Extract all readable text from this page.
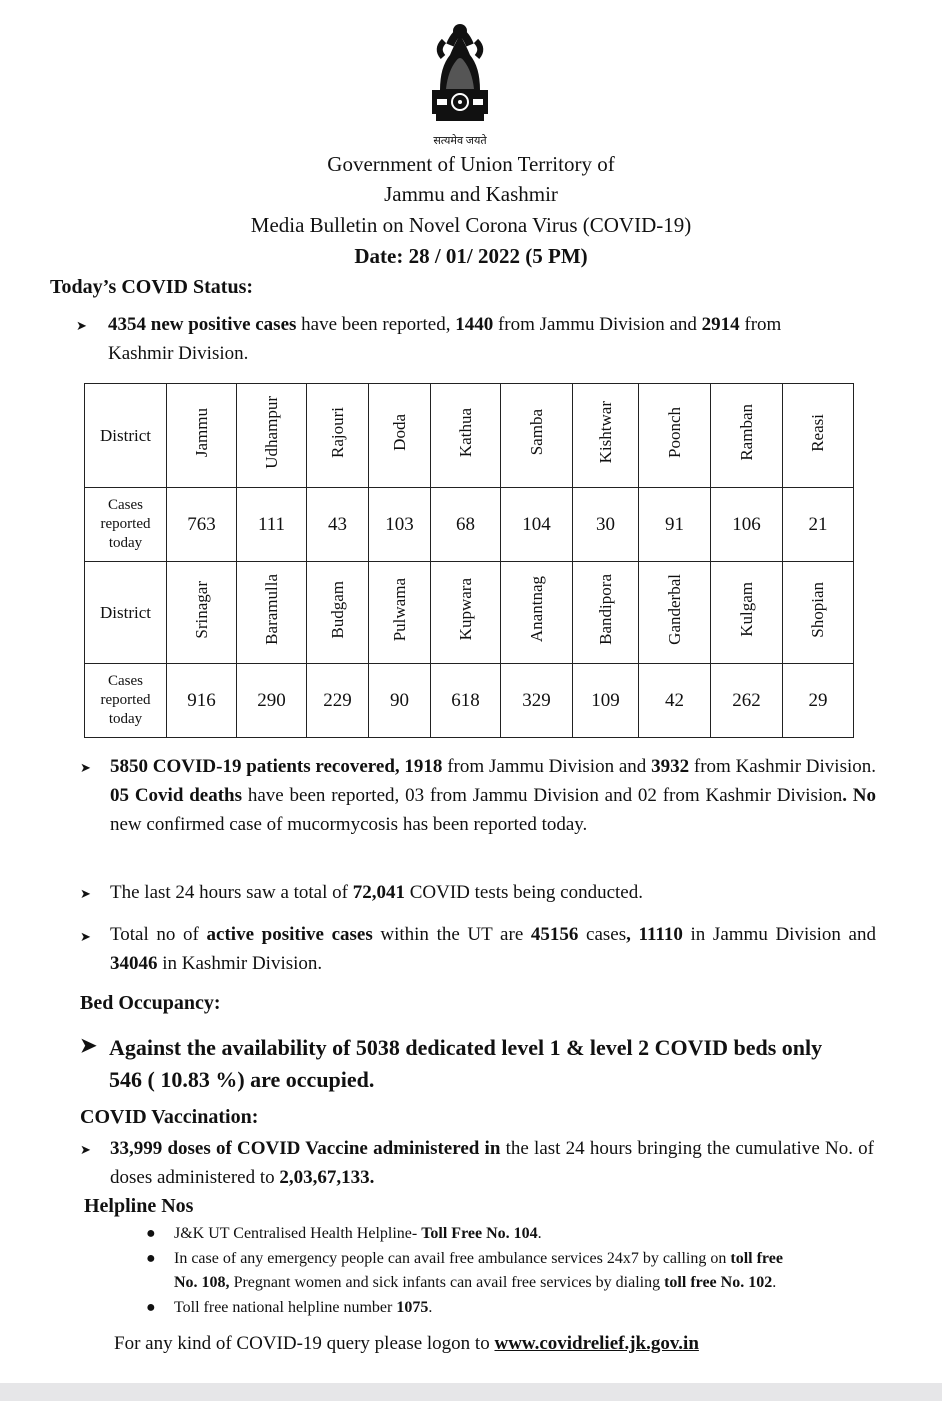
सत्यमेव जयते
Government of Union Territory of
Jammu and Kashmir
Media Bulletin on Novel Corona Virus (COVID-19)
Date: 28 / 01/ 2022 (5 PM)
Today’s COVID Status:
➤ 4354 new positive cases have been reported, 1440 from Jammu Division and 2914 from
Kashmir Division.
District	Jammu	Udhampur	Rajouri	Doda	Kathua	Samba	Kishtwar	Poonch	Ramban	Reasi
Cases reported today	763	111	43	103	68	104	30	91	106	21
District	Srinagar	Baramulla	Budgam	Pulwama	Kupwara	Anantnag	Bandipora	Ganderbal	Kulgam	Shopian
Cases reported today	916	290	229	90	618	329	109	42	262	29
➤ 5850 COVID-19 patients recovered, 1918 from Jammu Division and 3932 from Kashmir Division. 05 Covid deaths have been reported, 03 from Jammu Division and 02 from Kashmir Division. No new confirmed case of mucormycosis has been reported today.
➤ The last 24 hours saw a total of 72,041 COVID tests being conducted.
➤ Total no of active positive cases within the UT are 45156 cases, 11110 in Jammu Division and 34046 in Kashmir Division.
Bed Occupancy:
➤ Against the availability of 5038 dedicated level 1 & level 2 COVID beds only
546 ( 10.83 %) are occupied.
COVID Vaccination:
➤ 33,999 doses of COVID Vaccine administered in the last 24 hours bringing the cumulative No. of doses administered to 2,03,67,133.
Helpline Nos
● J&K UT Centralised Health Helpline- Toll Free No. 104.
● In case of any emergency people can avail free ambulance services 24x7 by calling on toll free
No. 108, Pregnant women and sick infants can avail free services by dialing toll free No. 102.
● Toll free national helpline number 1075.
For any kind of COVID-19 query please logon to www.covidrelief.jk.gov.in
